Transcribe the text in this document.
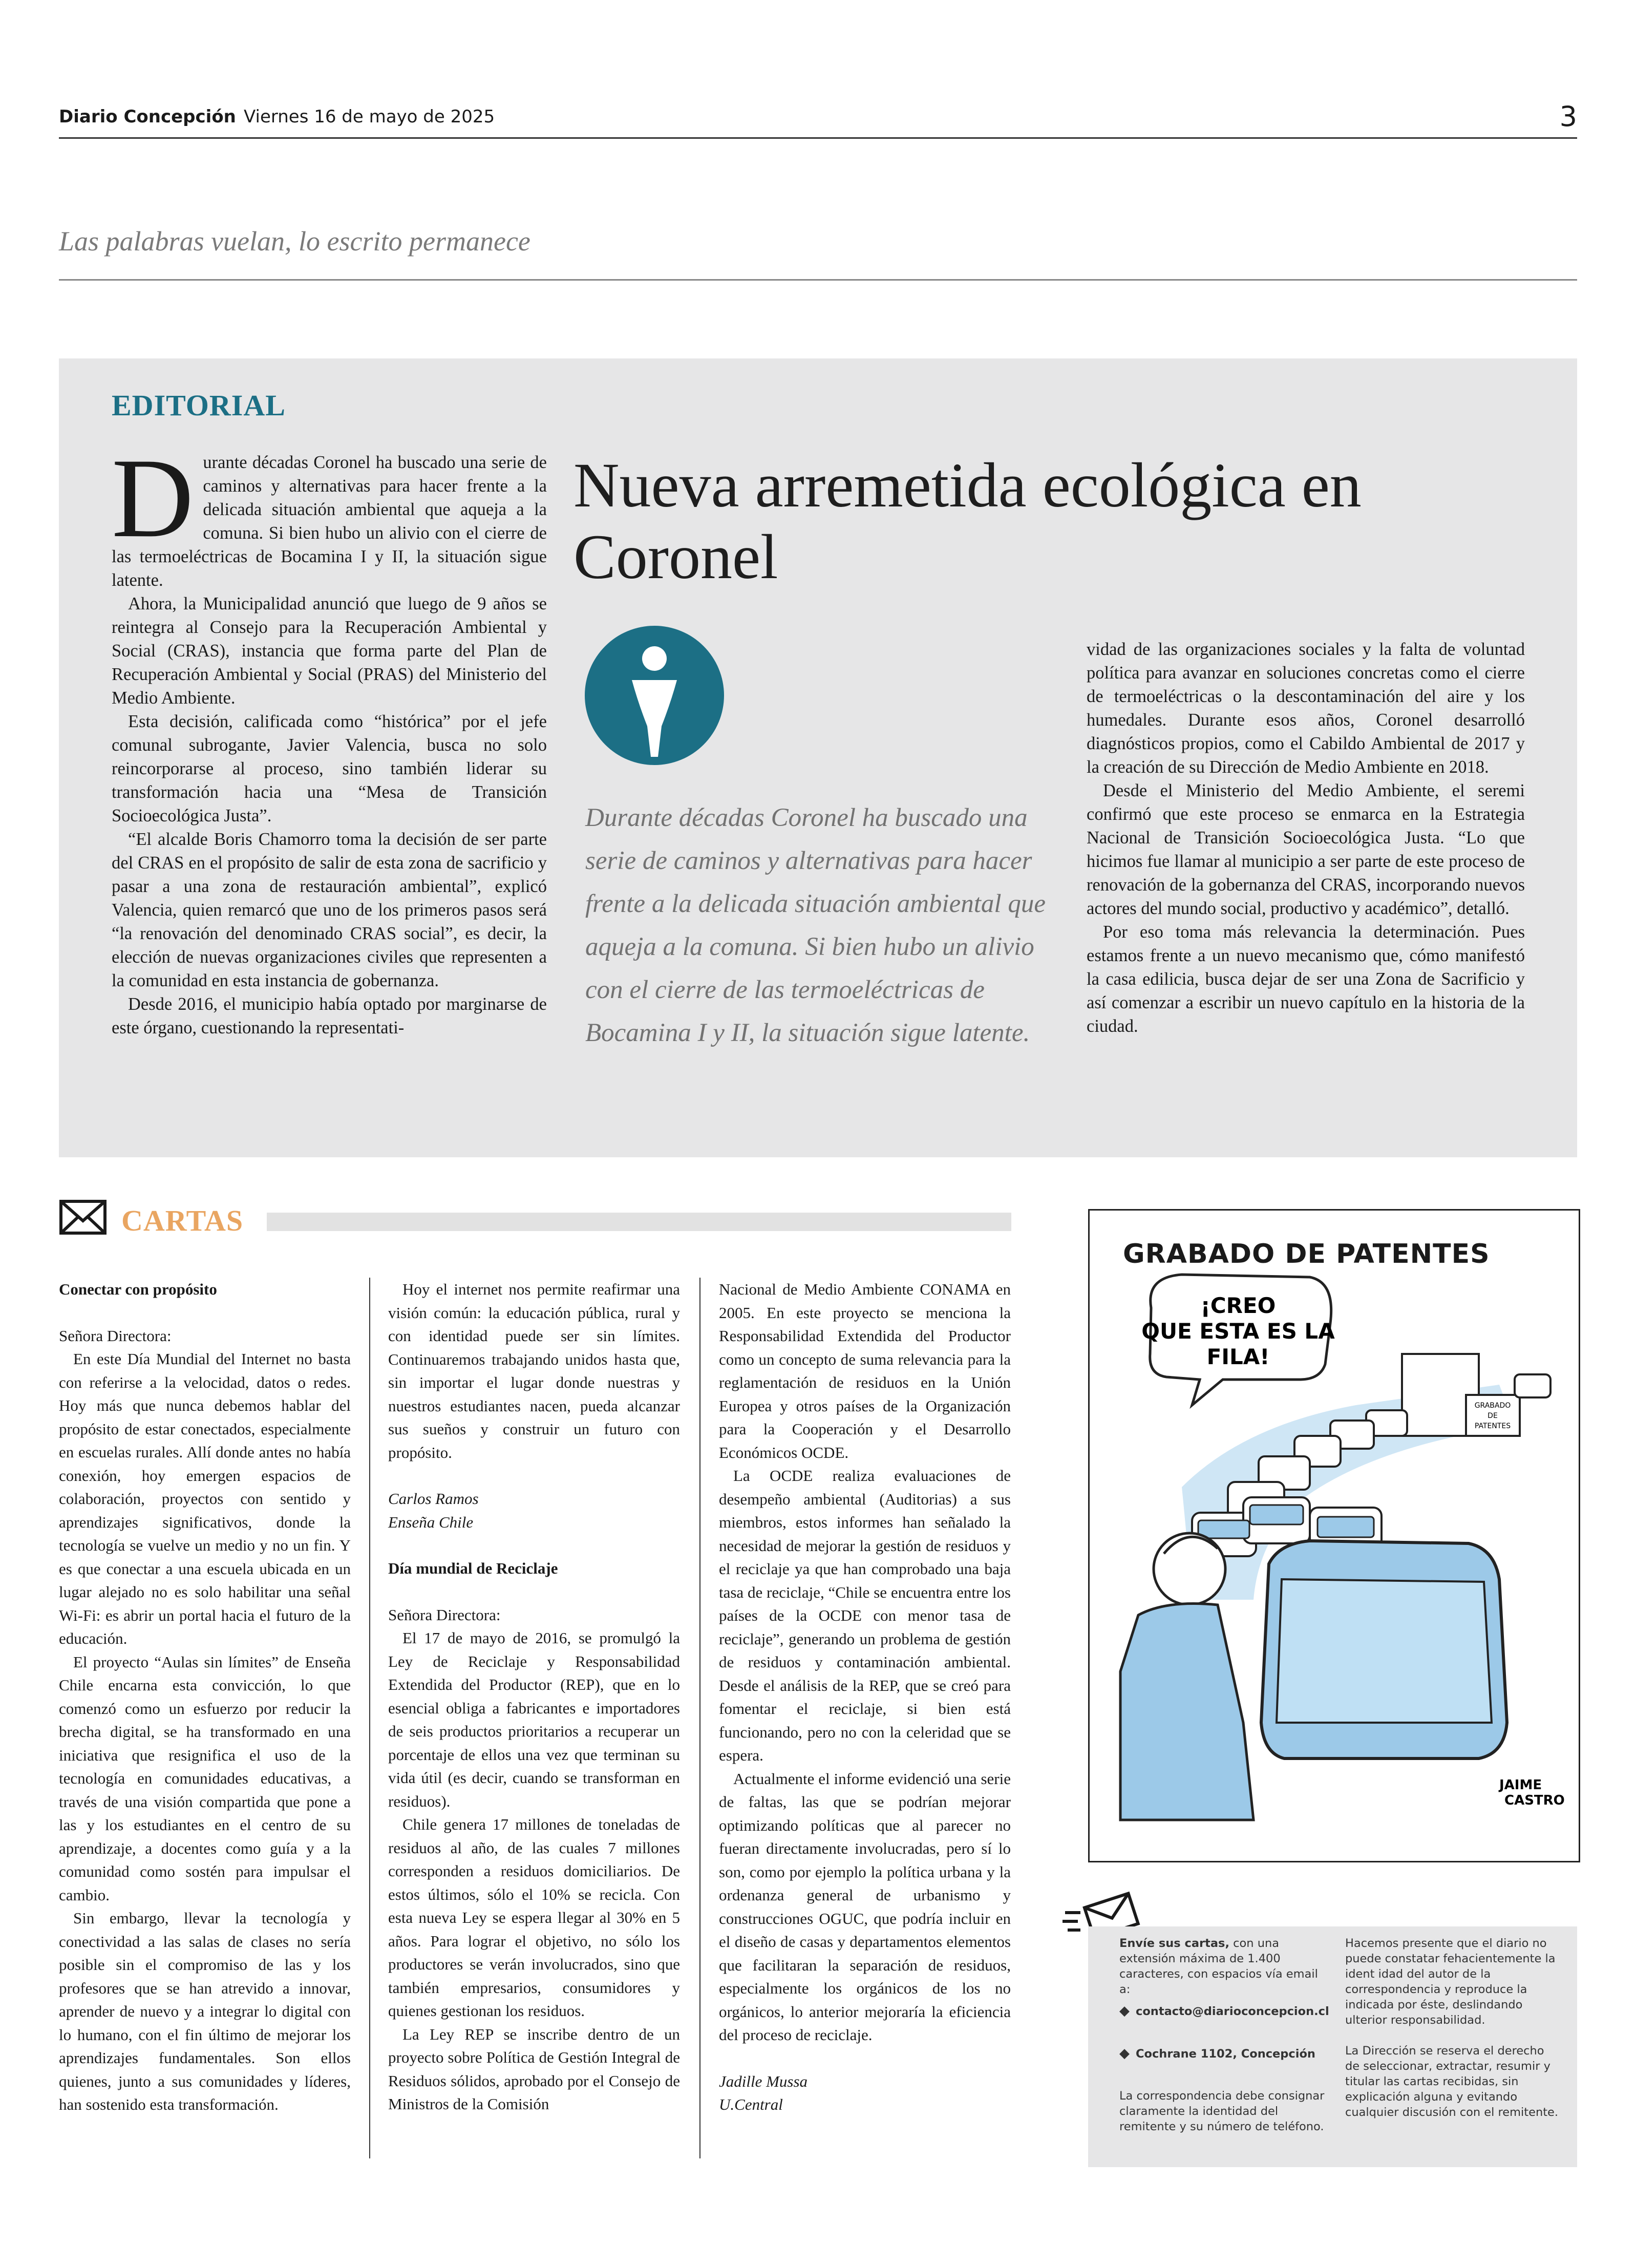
Diario Concepción Viernes 16 de mayo de 2025	3
Las palabras vuelan, lo escrito permanece
EDITORIAL
D urante décadas Coronel ha buscado una serie de caminos y alternativas para hacer frente a la delicada situación ambiental que aqueja a la comuna. Si bien hubo un alivio con el cierre de las termoeléctricas de Bocamina I y II, la situación sigue latente.

Ahora, la Municipalidad anunció que luego de 9 años se reintegra al Consejo para la Recuperación Ambiental y Social (CRAS), instancia que forma parte del Plan de Recuperación Ambiental y Social (PRAS) del Ministerio del Medio Ambiente.

Esta decisión, calificada como “histórica” por el jefe comunal subrogante, Javier Valencia, busca no solo reincorporarse al proceso, sino también liderar su transformación hacia una “Mesa de Transición Socioecológica Justa”.

“El alcalde Boris Chamorro toma la decisión de ser parte del CRAS en el propósito de salir de esta zona de sacrificio y pasar a una zona de restauración ambiental”, explicó Valencia, quien remarcó que uno de los primeros pasos será “la renovación del denominado CRAS social”, es decir, la elección de nuevas organizaciones civiles que representen a la comunidad en esta instancia de gobernanza.

Desde 2016, el municipio había optado por marginarse de este órgano, cuestionando la representati-

Nueva arremetida ecológica en Coronel
Durante décadas Coronel ha buscado una serie de caminos y alternativas para hacer frente a la delicada situación ambiental que aqueja a la comuna. Si bien hubo un alivio con el cierre de las termoeléctricas de Bocamina I y II, la situación sigue latente.

vidad de las organizaciones sociales y la falta de voluntad política para avanzar en soluciones concretas como el cierre de termoeléctricas o la descontaminación del aire y los humedales. Durante esos años, Coronel desarrolló diagnósticos propios, como el Cabildo Ambiental de 2017 y la creación de su Dirección de Medio Ambiente en 2018.

Desde el Ministerio del Medio Ambiente, el seremi confirmó que este proceso se enmarca en la Estrategia Nacional de Transición Socioecológica Justa. “Lo que hicimos fue llamar al municipio a ser parte de este proceso de renovación de la gobernanza del CRAS, incorporando nuevos actores del mundo social, productivo y académico”, detalló.

Por eso toma más relevancia la determinación. Pues estamos frente a un nuevo mecanismo que, cómo manifestó la casa edilicia, busca dejar de ser una Zona de Sacrificio y así comenzar a escribir un nuevo capítulo en la historia de la ciudad.

CARTAS

Conectar con propósito

Señora Directora:

En este Día Mundial del Internet no basta con referirse a la velocidad, datos o redes. Hoy más que nunca debemos hablar del propósito de estar conectados, especialmente en escuelas rurales. Allí donde antes no había conexión, hoy emergen espacios de colaboración, proyectos con sentido y aprendizajes significativos, donde la tecnología se vuelve un medio y no un fin. Y es que conectar a una escuela ubicada en un lugar alejado no es solo habilitar una señal Wi-Fi: es abrir un portal hacia el futuro de la educación.

El proyecto “Aulas sin límites” de Enseña Chile encarna esta convicción, lo que comenzó como un esfuerzo por reducir la brecha digital, se ha transformado en una iniciativa que resignifica el uso de la tecnología en comunidades educativas, a través de una visión compartida que pone a las y los estudiantes en el centro de su aprendizaje, a docentes como guía y a la comunidad como sostén para impulsar el cambio.

Sin embargo, llevar la tecnología y conectividad a las salas de clases no sería posible sin el compromiso de las y los profesores que se han atrevido a innovar, aprender de nuevo y a integrar lo digital con lo humano, con el fin último de mejorar los aprendizajes fundamentales. Son ellos quienes, junto a sus comunidades y líderes, han sostenido esta transformación.

Hoy el internet nos permite reafirmar una visión común: la educación pública, rural y con identidad puede ser sin límites. Continuaremos trabajando unidos hasta que, sin importar el lugar donde nuestras y nuestros estudiantes nacen, pueda alcanzar sus sueños y construir un futuro con propósito.

Carlos Ramos

Enseña Chile

Día mundial de Reciclaje

Señora Directora:

El 17 de mayo de 2016, se promulgó la Ley de Reciclaje y Responsabilidad Extendida del Productor (REP), que en lo esencial obliga a fabricantes e importadores de seis productos prioritarios a recuperar un porcentaje de ellos una vez que terminan su vida útil (es decir, cuando se transforman en residuos).

Chile genera 17 millones de toneladas de residuos al año, de las cuales 7 millones corresponden a residuos domiciliarios. De estos últimos, sólo el 10% se recicla. Con esta nueva Ley se espera llegar al 30% en 5 años. Para lograr el objetivo, no sólo los productores se verán involucrados, sino que también empresarios, consumidores y quienes gestionan los residuos.

La Ley REP se inscribe dentro de un proyecto sobre Política de Gestión Integral de Residuos sólidos, aprobado por el Consejo de Ministros de la Comisión

Nacional de Medio Ambiente CONAMA en 2005. En este proyecto se menciona la Responsabilidad Extendida del Productor como un concepto de suma relevancia para la reglamentación de residuos en la Unión Europea y otros países de la Organización para la Cooperación y el Desarrollo Económicos OCDE.

La OCDE realiza evaluaciones de desempeño ambiental (Auditorias) a sus miembros, estos informes han señalado la necesidad de mejorar la gestión de residuos y el reciclaje ya que han comprobado una baja tasa de reciclaje, “Chile se encuentra entre los países de la OCDE con menor tasa de reciclaje”, generando un problema de gestión de residuos y contaminación ambiental. Desde el análisis de la REP, que se creó para fomentar el reciclaje, si bien está funcionando, pero no con la celeridad que se espera.

Actualmente el informe evidenció una serie de faltas, las que se podrían mejorar optimizando políticas que al parecer no fueran directamente involucradas, pero sí lo son, como por ejemplo la política urbana y la ordenanza general de urbanismo y construcciones OGUC, que podría incluir en el diseño de casas y departamentos elementos que facilitaran la separación de residuos, especialmente los orgánicos de los no orgánicos, lo anterior mejoraría la eficiencia del proceso de reciclaje.

Jadille Mussa

U.Central

GRABADO DE PATENTES
¡CREO
QUE ESTA ES LA
FILA!
GRABADO
DE
PATENTES
JAIME
CASTRO
Envíe sus cartas, con una extensión máxima de 1.400 caracteres, con espacios vía email a:
◆ contacto@diarioconcepcion.cl
◆ Cochrane 1102, Concepción
La correspondencia debe consignar claramente la identidad del remitente y su número de teléfono.
Hacemos presente que el diario no puede constatar fehacientemente la ident idad del autor de la correspondencia y reproduce la indicada por éste, deslindando ulterior responsabilidad.
La Dirección se reserva el derecho de seleccionar, extractar, resumir y titular las cartas recibidas, sin explicación alguna y evitando cualquier discusión con el remitente.
